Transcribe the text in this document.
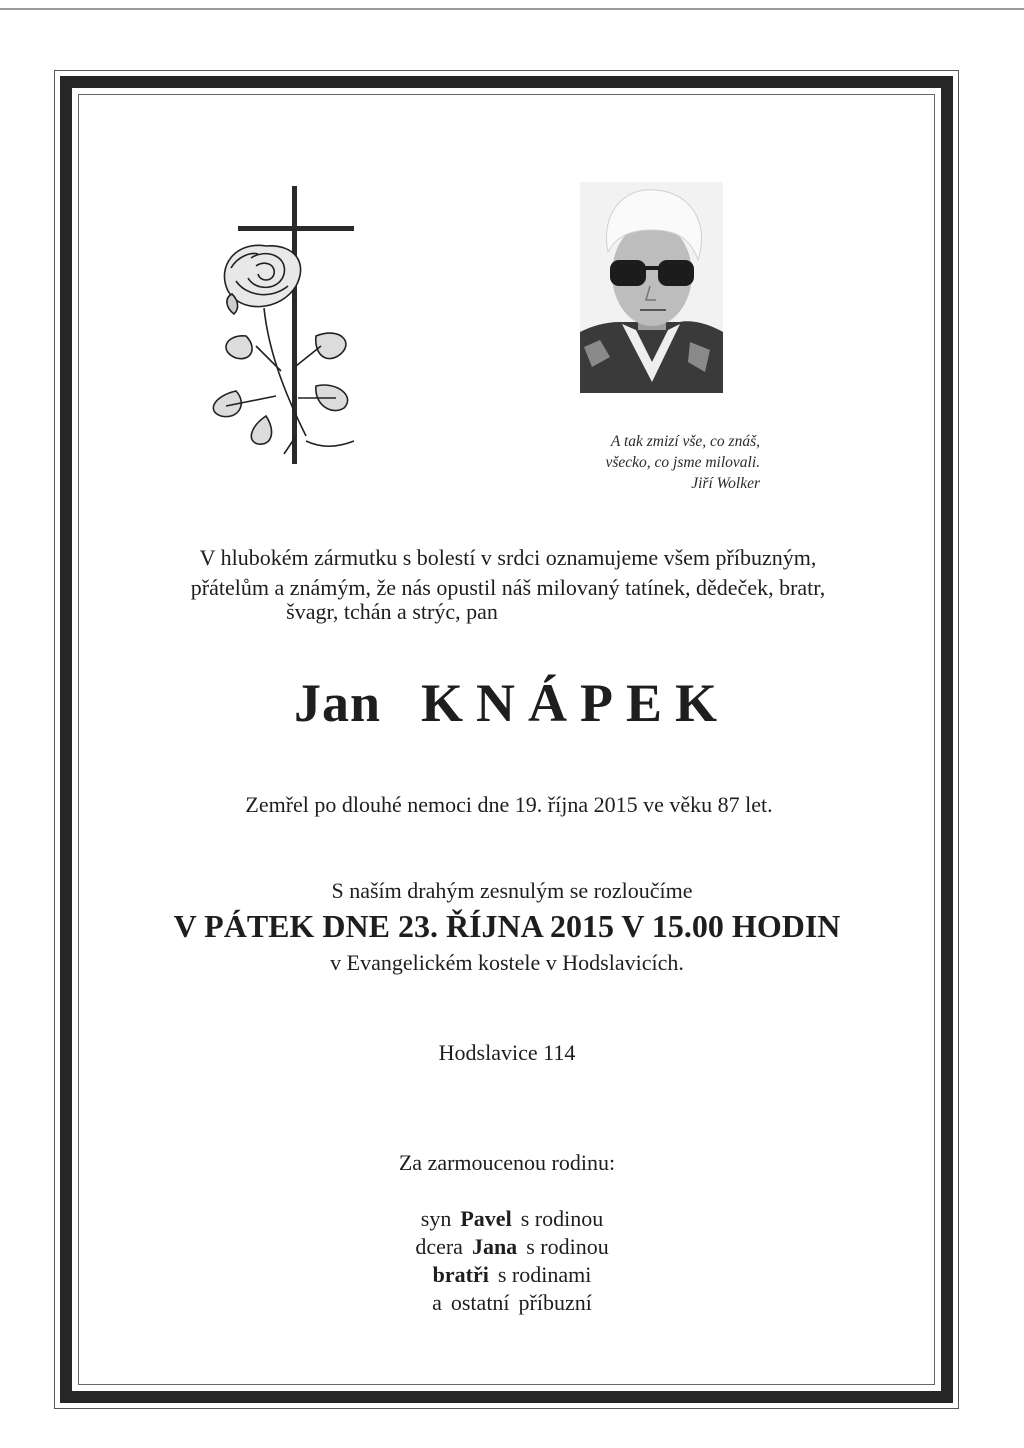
A tak zmizí vše, co znáš,
všecko, co jsme milovali.
Jiří Wolker
V hlubokém zármutku s bolestí v srdci oznamujeme všem příbuzným,
přátelům a známým, že nás opustil náš milovaný tatínek, dědeček, bratr,
švagr, tchán a strýc, pan
Jan KNÁPEK
Zemřel po dlouhé nemoci dne 19. října 2015 ve věku 87 let.
S naším drahým zesnulým se rozloučíme
V PÁTEK DNE 23. ŘÍJNA 2015 V 15.00 HODIN
v Evangelickém kostele v Hodslavicích.
Hodslavice 114
Za zarmoucenou rodinu:
syn Pavel s rodinou
dcera Jana s rodinou
bratři s rodinami
a ostatní příbuzní
